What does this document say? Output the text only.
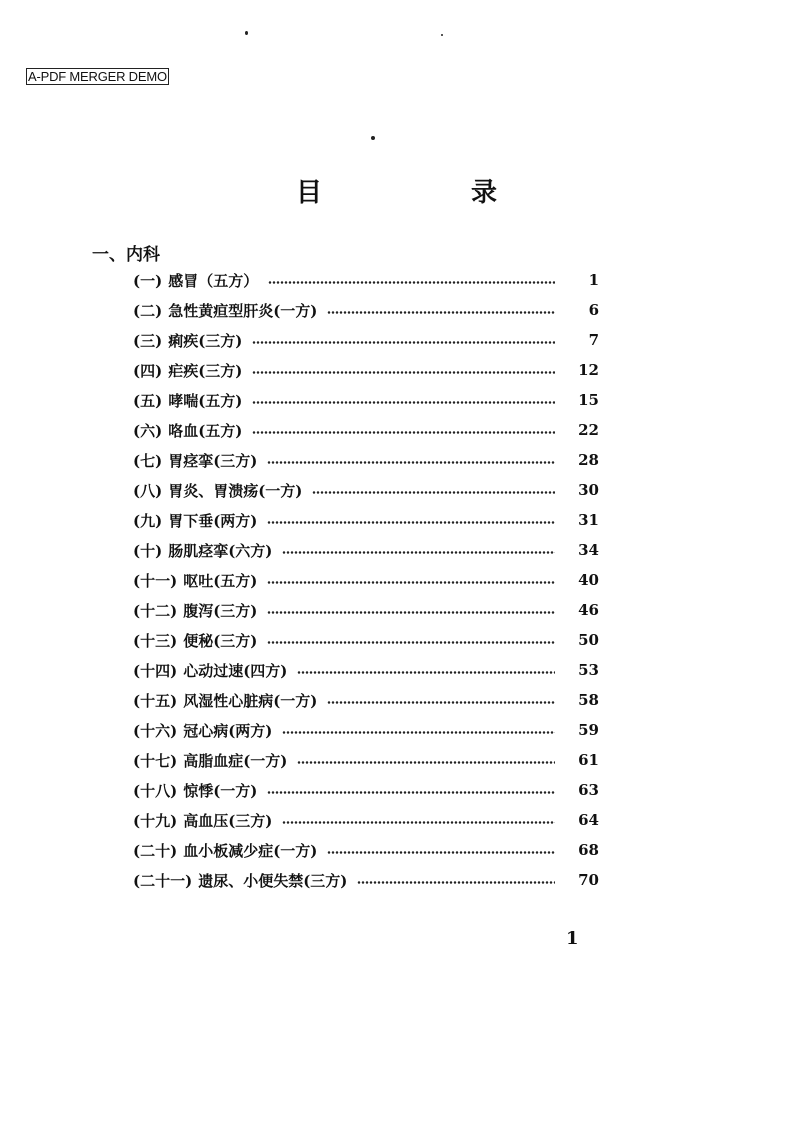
A-PDF MERGER DEMO
目 录
一、内科
(一) 感冒（五方）	1
(二) 急性黄疸型肝炎(一方)	6
(三) 痢疾(三方)	7
(四) 疟疾(三方)	12
(五) 哮喘(五方)	15
(六) 咯血(五方)	22
(七) 胃痉挛(三方)	28
(八) 胃炎、胃溃疡(一方)	30
(九) 胃下垂(两方)	31
(十) 肠肌痉挛(六方)	34
(十一) 呕吐(五方)	40
(十二) 腹泻(三方)	46
(十三) 便秘(三方)	50
(十四) 心动过速(四方)	53
(十五) 风湿性心脏病(一方)	58
(十六) 冠心病(两方)	59
(十七) 高脂血症(一方)	61
(十八) 惊悸(一方)	63
(十九) 高血压(三方)	64
(二十) 血小板减少症(一方)	68
(二十一) 遗尿、小便失禁(三方)	70
1
